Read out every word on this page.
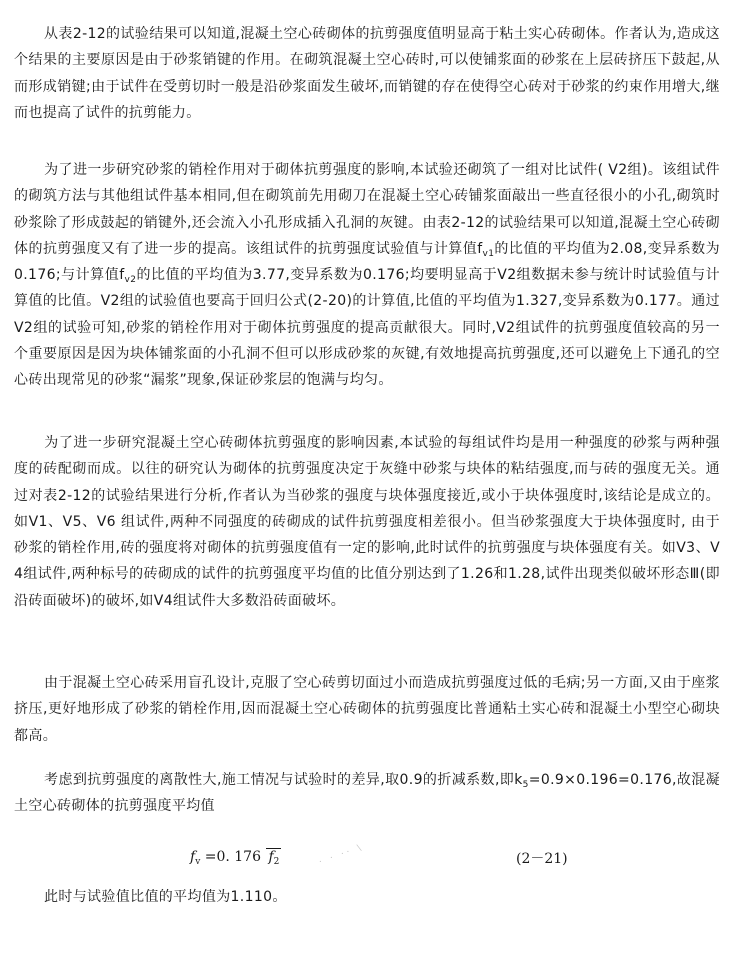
从表2-12的试验结果可以知道,混凝土空心砖砌体的抗剪强度值明显高于粘土实心砖砌体。作者认为,造成这个结果的主要原因是由于砂浆销键的作用。在砌筑混凝土空心砖时,可以使铺浆面的砂浆在上层砖挤压下鼓起,从而形成销键;由于试件在受剪切时一般是沿砂浆面发生破坏,而销键的存在使得空心砖对于砂浆的约束作用增大,继而也提高了试件的抗剪能力。

为了进一步研究砂浆的销栓作用对于砌体抗剪强度的影响,本试验还砌筑了一组对比试件( V2组)。该组试件的砌筑方法与其他组试件基本相同,但在砌筑前先用砌刀在混凝土空心砖铺浆面敲出一些直径很小的小孔,砌筑时砂浆除了形成鼓起的销键外,还会流入小孔形成插入孔洞的灰键。由表2-12的试验结果可以知道,混凝土空心砖砌体的抗剪强度又有了进一步的提高。该组试件的抗剪强度试验值与计算值$f_{v1}$的比值的平均值为2.08,变异系数为0.176;与计算值$f_{v2}$的比值的平均值为3.77,变异系数为0.176;均要明显高于V2组数据未参与统计时试验值与计算值的比值。V2组的试验值也要高于回归公式(2-20)的计算值,比值的平均值为1.327,变异系数为0.177。通过V2组的试验可知,砂浆的销栓作用对于砌体抗剪强度的提高贡献很大。同时,V2组试件的抗剪强度值较高的另一个重要原因是因为块体铺浆面的小孔洞不但可以形成砂浆的灰键,有效地提高抗剪强度,还可以避免上下通孔的空心砖出现常见的砂浆“漏浆”现象,保证砂浆层的饱满与均匀。

为了进一步研究混凝土空心砖砌体抗剪强度的影响因素,本试验的每组试件均是用一种强度的砂浆与两种强度的砖配砌而成。以往的研究认为砌体的抗剪强度决定于灰缝中砂浆与块体的粘结强度,而与砖的强度无关。通过对表2-12的试验结果进行分析,作者认为当砂浆的强度与块体强度接近,或小于块体强度时,该结论是成立的。如V1、V5、V6 组试件,两种不同强度的砖砌成的试件抗剪强度相差很小。但当砂浆强度大于块体强度时, 由于砂浆的销栓作用,砖的强度将对砌体的抗剪强度值有一定的影响,此时试件的抗剪强度与块体强度有关。如V3、V4组试件,两种标号的砖砌成的试件的抗剪强度平均值的比值分别达到了1.26和1.28,试件出现类似破坏形态Ⅲ(即沿砖面破坏)的破坏,如V4组试件大多数沿砖面破坏。

由于混凝土空心砖采用盲孔设计,克服了空心砖剪切面过小而造成抗剪强度过低的毛病;另一方面,又由于座浆挤压,更好地形成了砂浆的销栓作用,因而混凝土空心砖砌体的抗剪强度比普通粘土实心砖和混凝土小型空心砌块都高。

考虑到抗剪强度的离散性大,施工情况与试验时的差异,取0.9的折减系数,即$k_5=0.9\times 0.196=0.176$,故混凝土空心砖砌体的抗剪强度平均值

$f_v =0$. 176 $f_2$	· · ·· \	(2－21)

此时与试验值比值的平均值为1.110。
